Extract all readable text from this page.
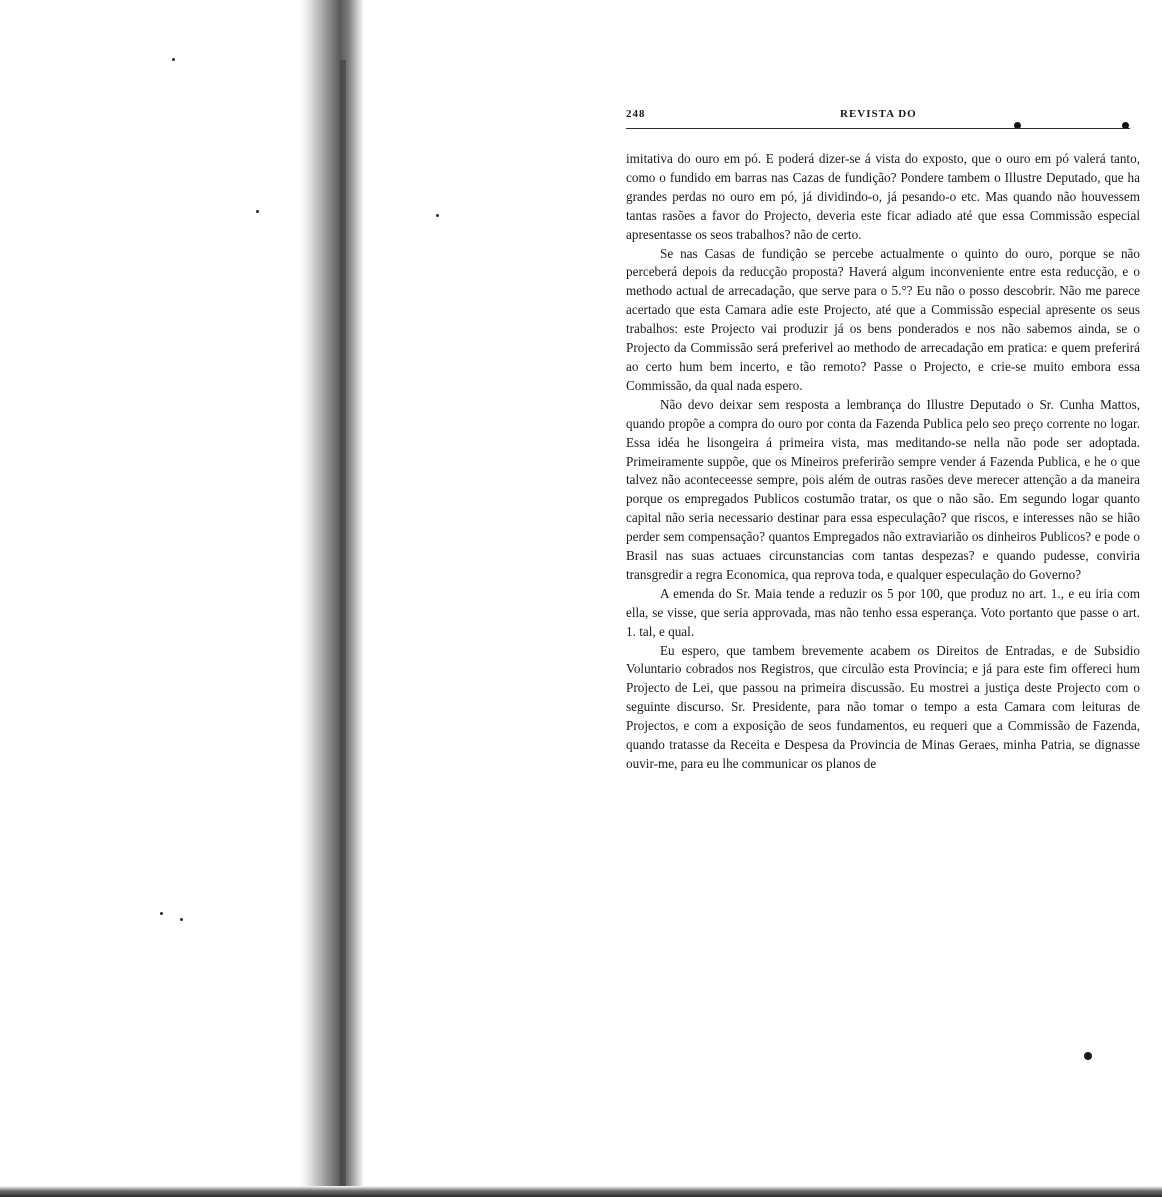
248	REVISTA DO

imitativa do ouro em pó. E poderá dizer-se á vista do exposto, que o ouro em pó valerá tanto, como o fundido em barras nas Cazas de fundição? Pondere tambem o Illustre Deputado, que ha grandes perdas no ouro em pó, já dividindo-o, já pesando-o etc. Mas quando não houvessem tantas rasões a favor do Projecto, deveria este ficar adiado até que essa Commissão especial apresentasse os seos trabalhos? não de certo.

Se nas Casas de fundição se percebe actualmente o quinto do ouro, porque se não perceberá depois da reducção proposta? Haverá algum inconveniente entre esta reducção, e o methodo actual de arrecadação, que serve para o 5.°? Eu não o posso descobrir. Não me parece acertado que esta Camara adie este Projecto, até que a Commissão especial apresente os seus trabalhos: este Projecto vai produzir já os bens ponderados e nos não sabemos ainda, se o Projecto da Commissão será preferivel ao methodo de arrecadação em pratica: e quem preferirá ao certo hum bem incerto, e tão remoto? Passe o Projecto, e crie-se muito embora essa Commissão, da qual nada espero.

Não devo deixar sem resposta a lembrança do Illustre Deputado o Sr. Cunha Mattos, quando propõe a compra do ouro por conta da Fazenda Publica pelo seo preço corrente no logar. Essa idéa he lisongeira á primeira vista, mas meditando-se nella não pode ser adoptada. Primeiramente suppõe, que os Mineiros preferirão sempre vender á Fazenda Publica, e he o que talvez não aconteceesse sempre, pois além de outras rasões deve merecer attenção a da maneira porque os empregados Publicos costumão tratar, os que o não são. Em segundo logar quanto capital não seria necessario destinar para essa especulação? que riscos, e interesses não se hião perder sem compensação? quantos Empregados não extraviarião os dinheiros Publicos? e pode o Brasil nas suas actuaes circunstancias com tantas despezas? e quando pudesse, conviria transgredir a regra Economica, qua reprova toda, e qualquer especulação do Governo?

A emenda do Sr. Maia tende a reduzir os 5 por 100, que produz no art. 1., e eu iria com ella, se visse, que seria approvada, mas não tenho essa esperança. Voto portanto que passe o art. 1. tal, e qual.

Eu espero, que tambem brevemente acabem os Direitos de Entradas, e de Subsidio Voluntario cobrados nos Registros, que circulão esta Provincia; e já para este fim offereci hum Projecto de Lei, que passou na primeira discussão. Eu mostrei a justiça deste Projecto com o seguinte discurso. Sr. Presidente, para não tomar o tempo a esta Camara com leituras de Projectos, e com a exposição de seos fundamentos, eu requeri que a Commissão de Fazenda, quando tratasse da Receita e Despesa da Provincia de Minas Geraes, minha Patria, se dignasse ouvir-me, para eu lhe communicar os planos de
